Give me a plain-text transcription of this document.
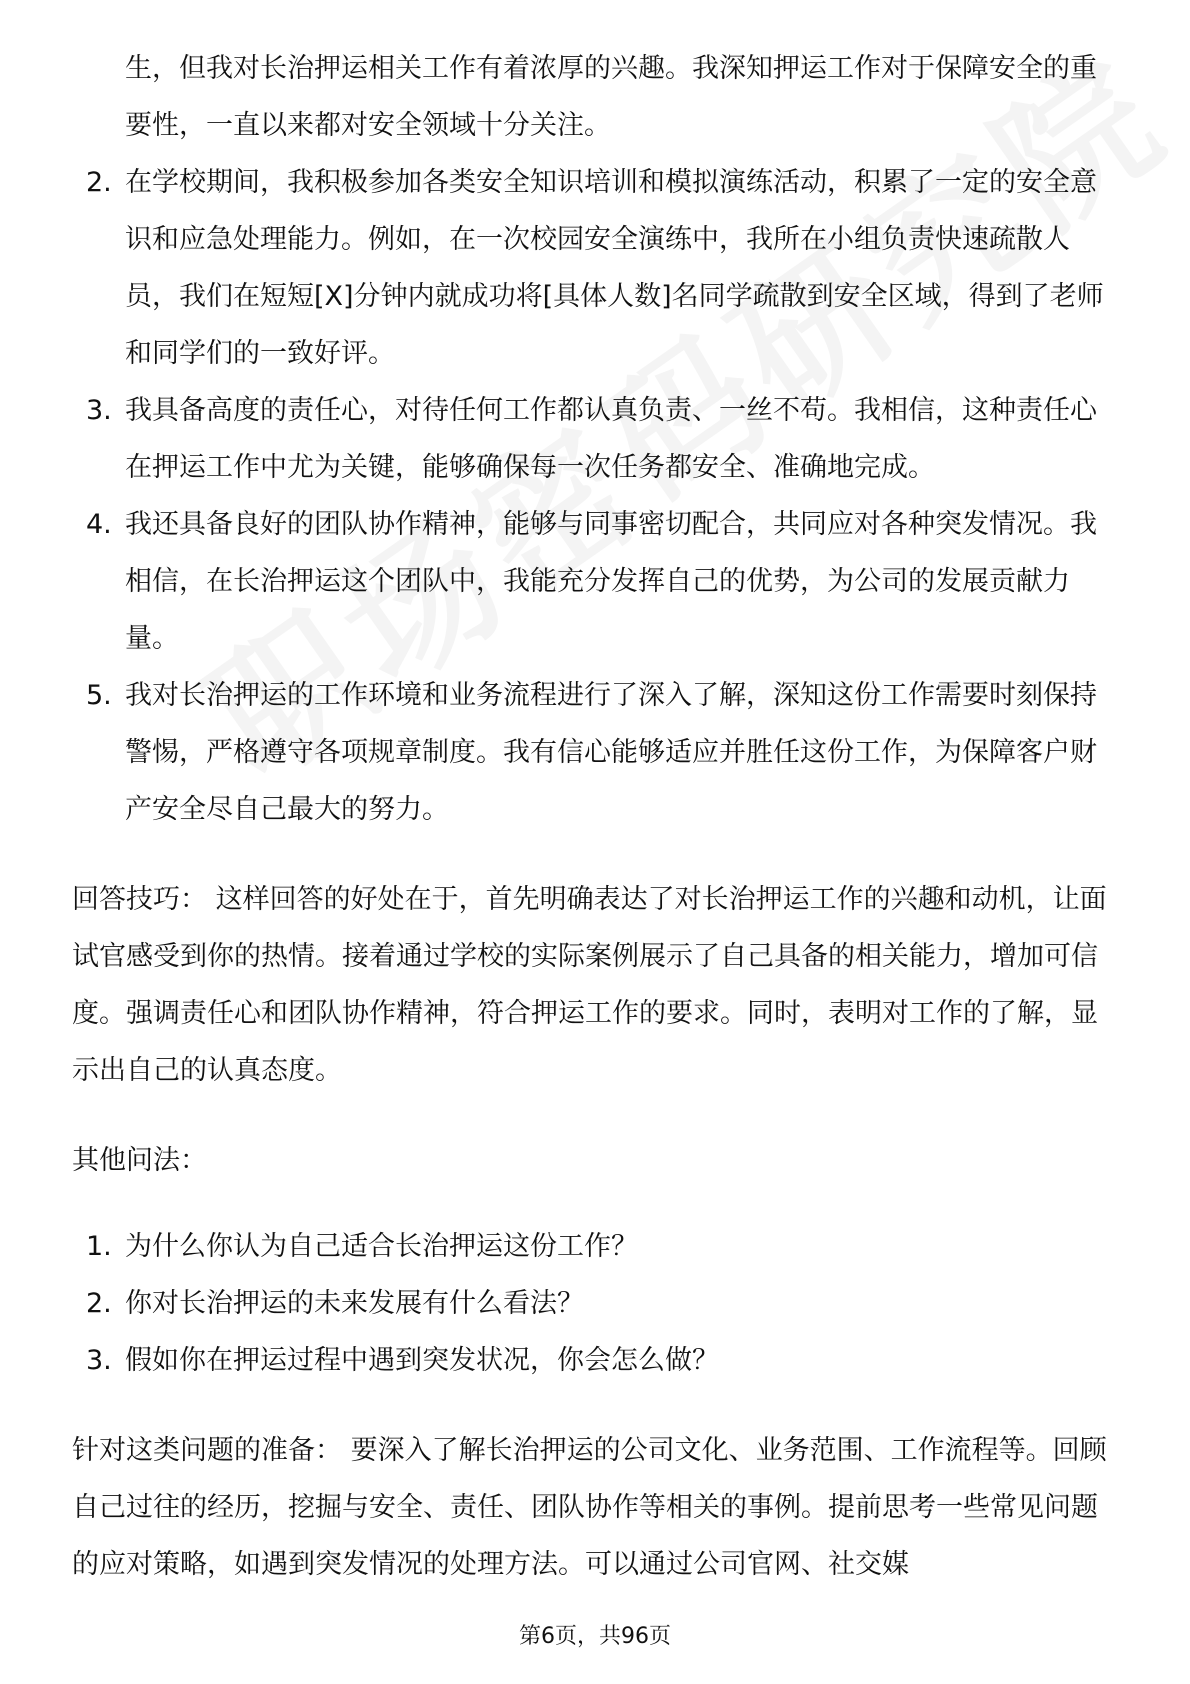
生，但我对长治押运相关工作有着浓厚的兴趣。我深知押运工作对于保障安全的重要性，一直以来都对安全领域十分关注。
2. 在学校期间，我积极参加各类安全知识培训和模拟演练活动，积累了一定的安全意识和应急处理能力。例如，在一次校园安全演练中，我所在小组负责快速疏散人员，我们在短短[X]分钟内就成功将[具体人数]名同学疏散到安全区域，得到了老师和同学们的一致好评。
3. 我具备高度的责任心，对待任何工作都认真负责、一丝不苟。我相信，这种责任心在押运工作中尤为关键，能够确保每一次任务都安全、准确地完成。
4. 我还具备良好的团队协作精神，能够与同事密切配合，共同应对各种突发情况。我相信，在长治押运这个团队中，我能充分发挥自己的优势，为公司的发展贡献力量。
5. 我对长治押运的工作环境和业务流程进行了深入了解，深知这份工作需要时刻保持警惕，严格遵守各项规章制度。我有信心能够适应并胜任这份工作，为保障客户财产安全尽自己最大的努力。

回答技巧： 这样回答的好处在于，首先明确表达了对长治押运工作的兴趣和动机，让面试官感受到你的热情。接着通过学校的实际案例展示了自己具备的相关能力，增加可信度。强调责任心和团队协作精神，符合押运工作的要求。同时，表明对工作的了解，显示出自己的认真态度。

其他问法：

1. 为什么你认为自己适合长治押运这份工作？
2. 你对长治押运的未来发展有什么看法？
3. 假如你在押运过程中遇到突发状况，你会怎么做？

针对这类问题的准备： 要深入了解长治押运的公司文化、业务范围、工作流程等。回顾自己过往的经历，挖掘与安全、责任、团队协作等相关的事例。提前思考一些常见问题的应对策略，如遇到突发情况的处理方法。可以通过公司官网、社交媒

第6页，共96页
